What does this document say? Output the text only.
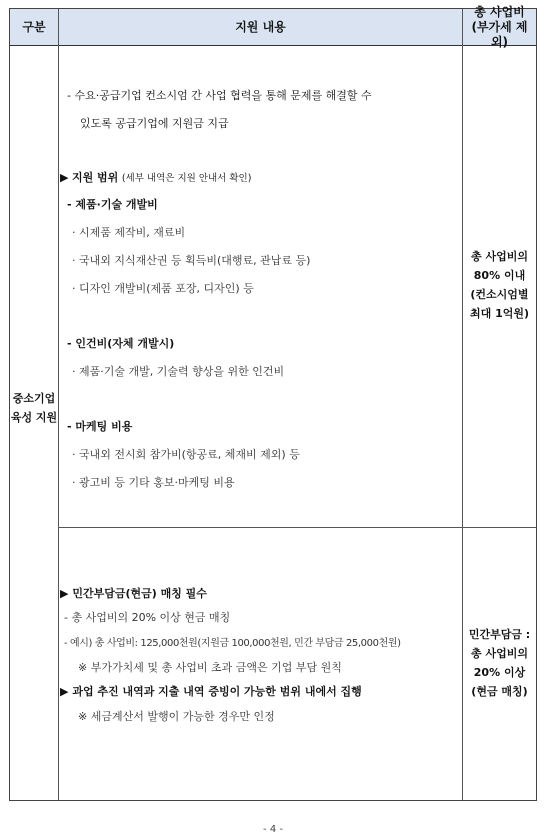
구분	지원 내용
총 사업비
(부가세 제외)
중소기업
육성 지원
- 수요·공급기업 컨소시엄 간 사업 협력을 통해 문제를 해결할 수
있도록 공급기업에 지원금 지급
▶ 지원 범위 (세부 내역은 지원 안내서 확인)
- 제품·기술 개발비
· 시제품 제작비, 재료비
· 국내외 지식재산권 등 획득비(대행료, 관납료 등)
· 디자인 개발비(제품 포장, 디자인) 등
- 인건비(자체 개발시)
· 제품·기술 개발, 기술력 향상을 위한 인건비
- 마케팅 비용
· 국내외 전시회 참가비(항공료, 체재비 제외) 등
· 광고비 등 기타 홍보·마케팅 비용
총 사업비의
80% 이내
(컨소시엄별
최대 1억원)
▶ 민간부담금(현금) 매칭 필수
- 총 사업비의 20% 이상 현금 매칭
- 예시) 총 사업비: 125,000천원(지원금 100,000천원, 민간 부담금 25,000천원)
※ 부가가치세 및 총 사업비 초과 금액은 기업 부담 원칙
▶ 과업 추진 내역과 지출 내역 증빙이 가능한 범위 내에서 집행
※ 세금계산서 발행이 가능한 경우만 인정
민간부담금 :
총 사업비의
20% 이상
(현금 매칭)
- 4 -
